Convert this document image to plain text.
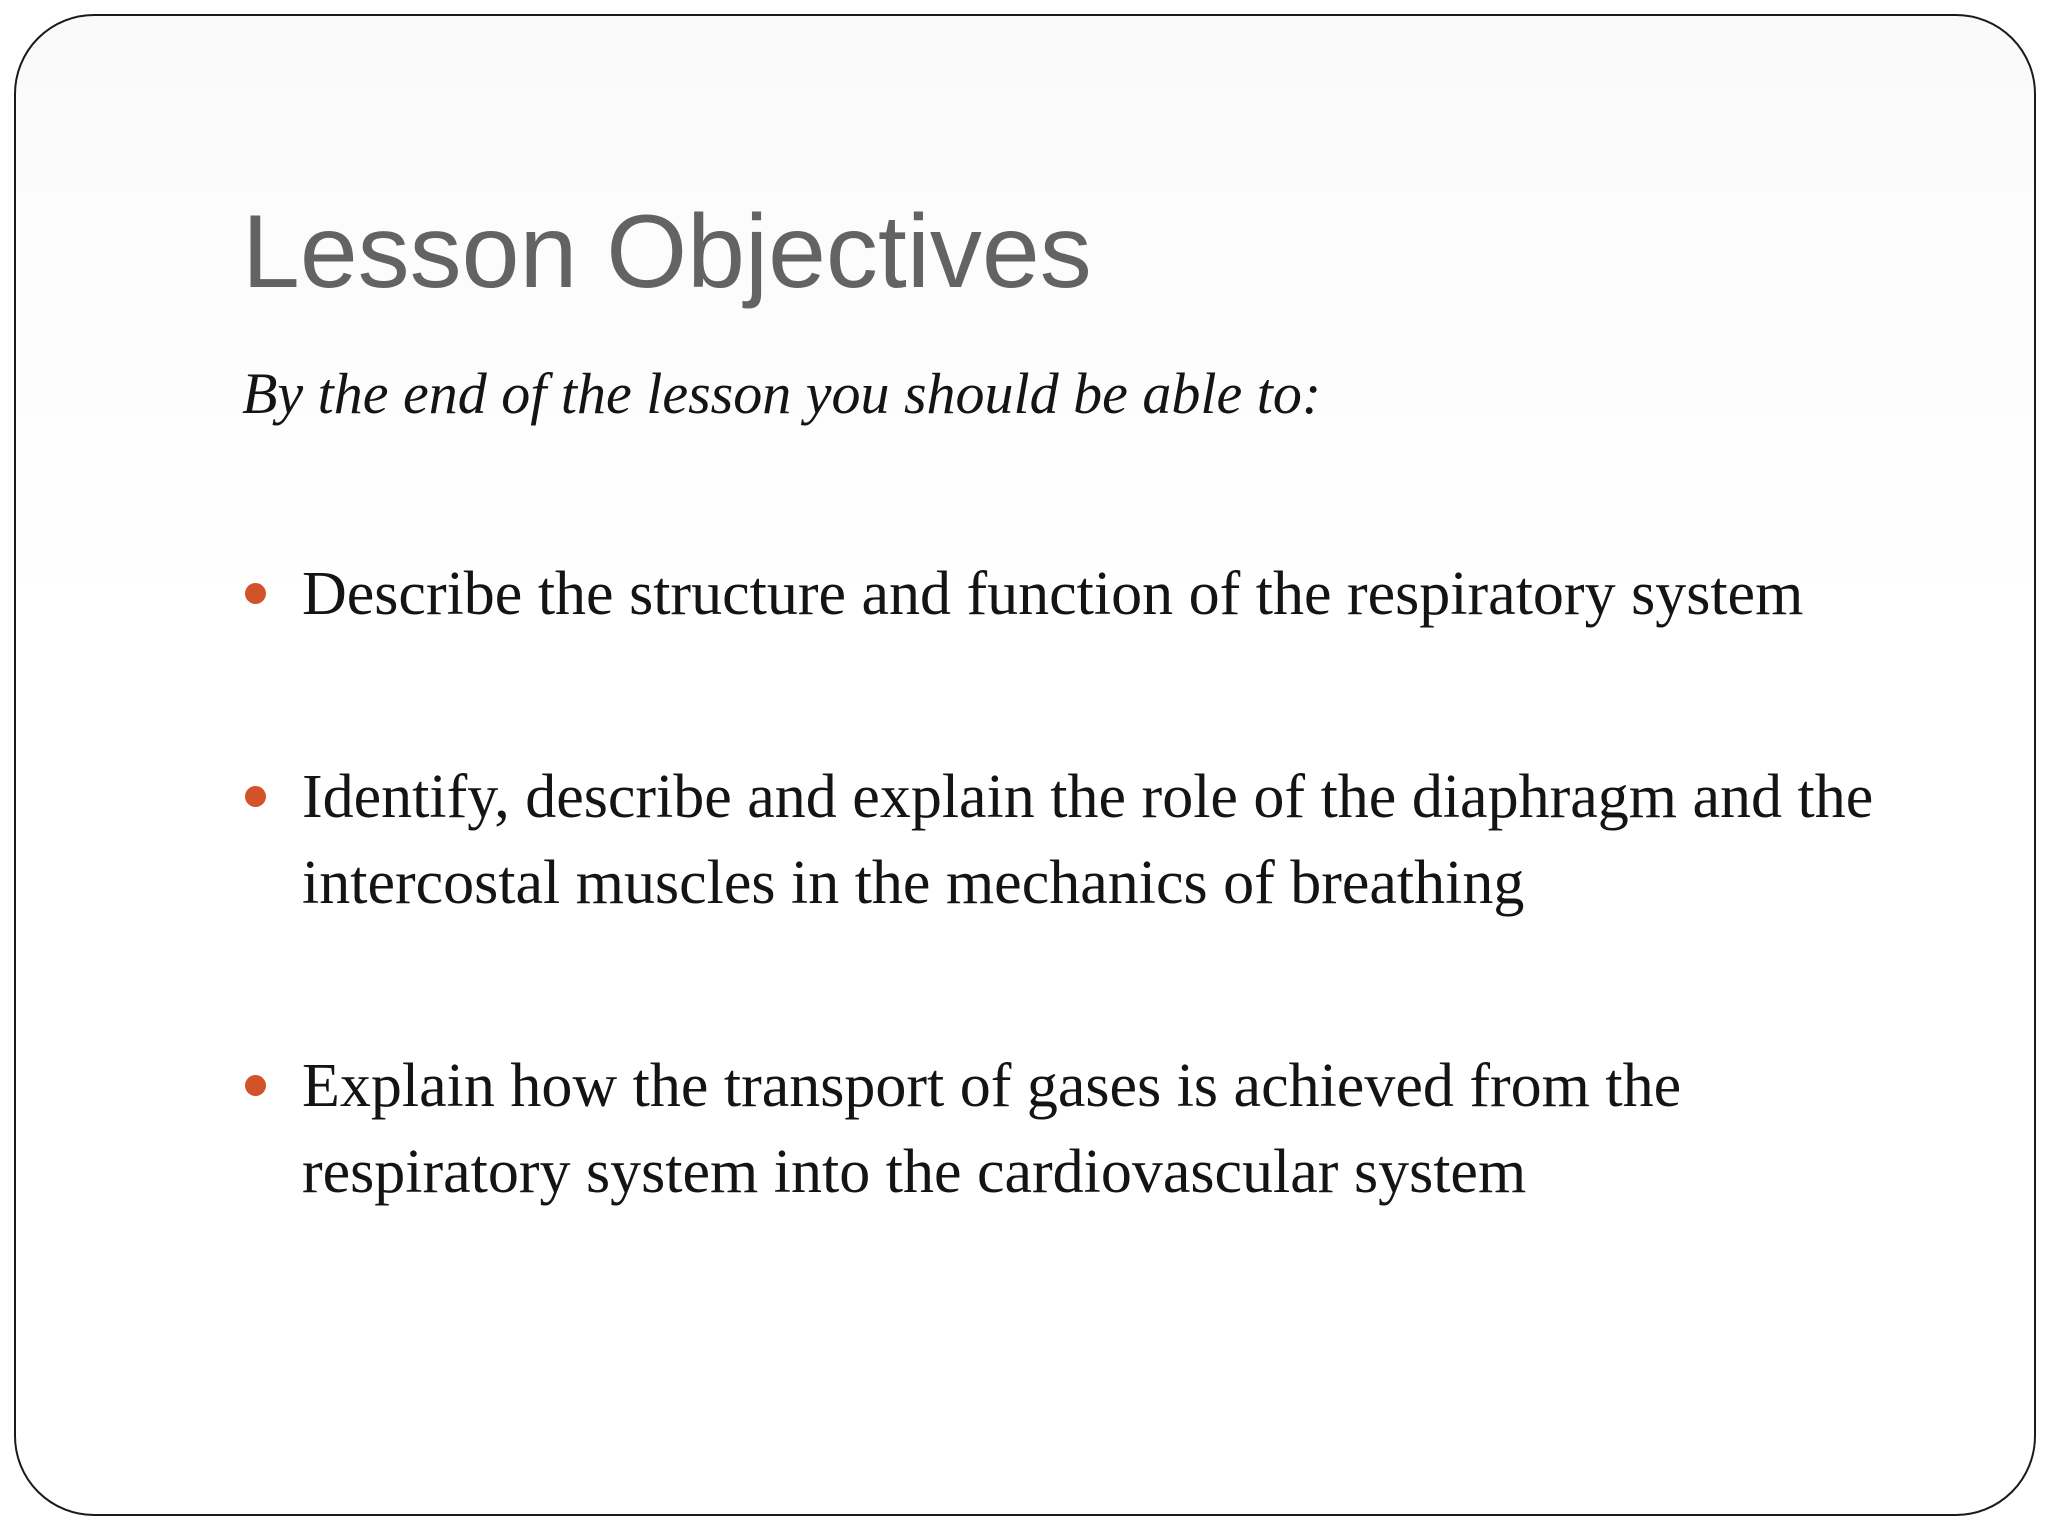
Lesson Objectives

By the end of the lesson you should be able to:

Describe the structure and function of the respiratory system
Identify, describe and explain the role of the diaphragm and the intercostal muscles in the mechanics of breathing
Explain how the transport of gases is achieved from the respiratory system into the cardiovascular system
